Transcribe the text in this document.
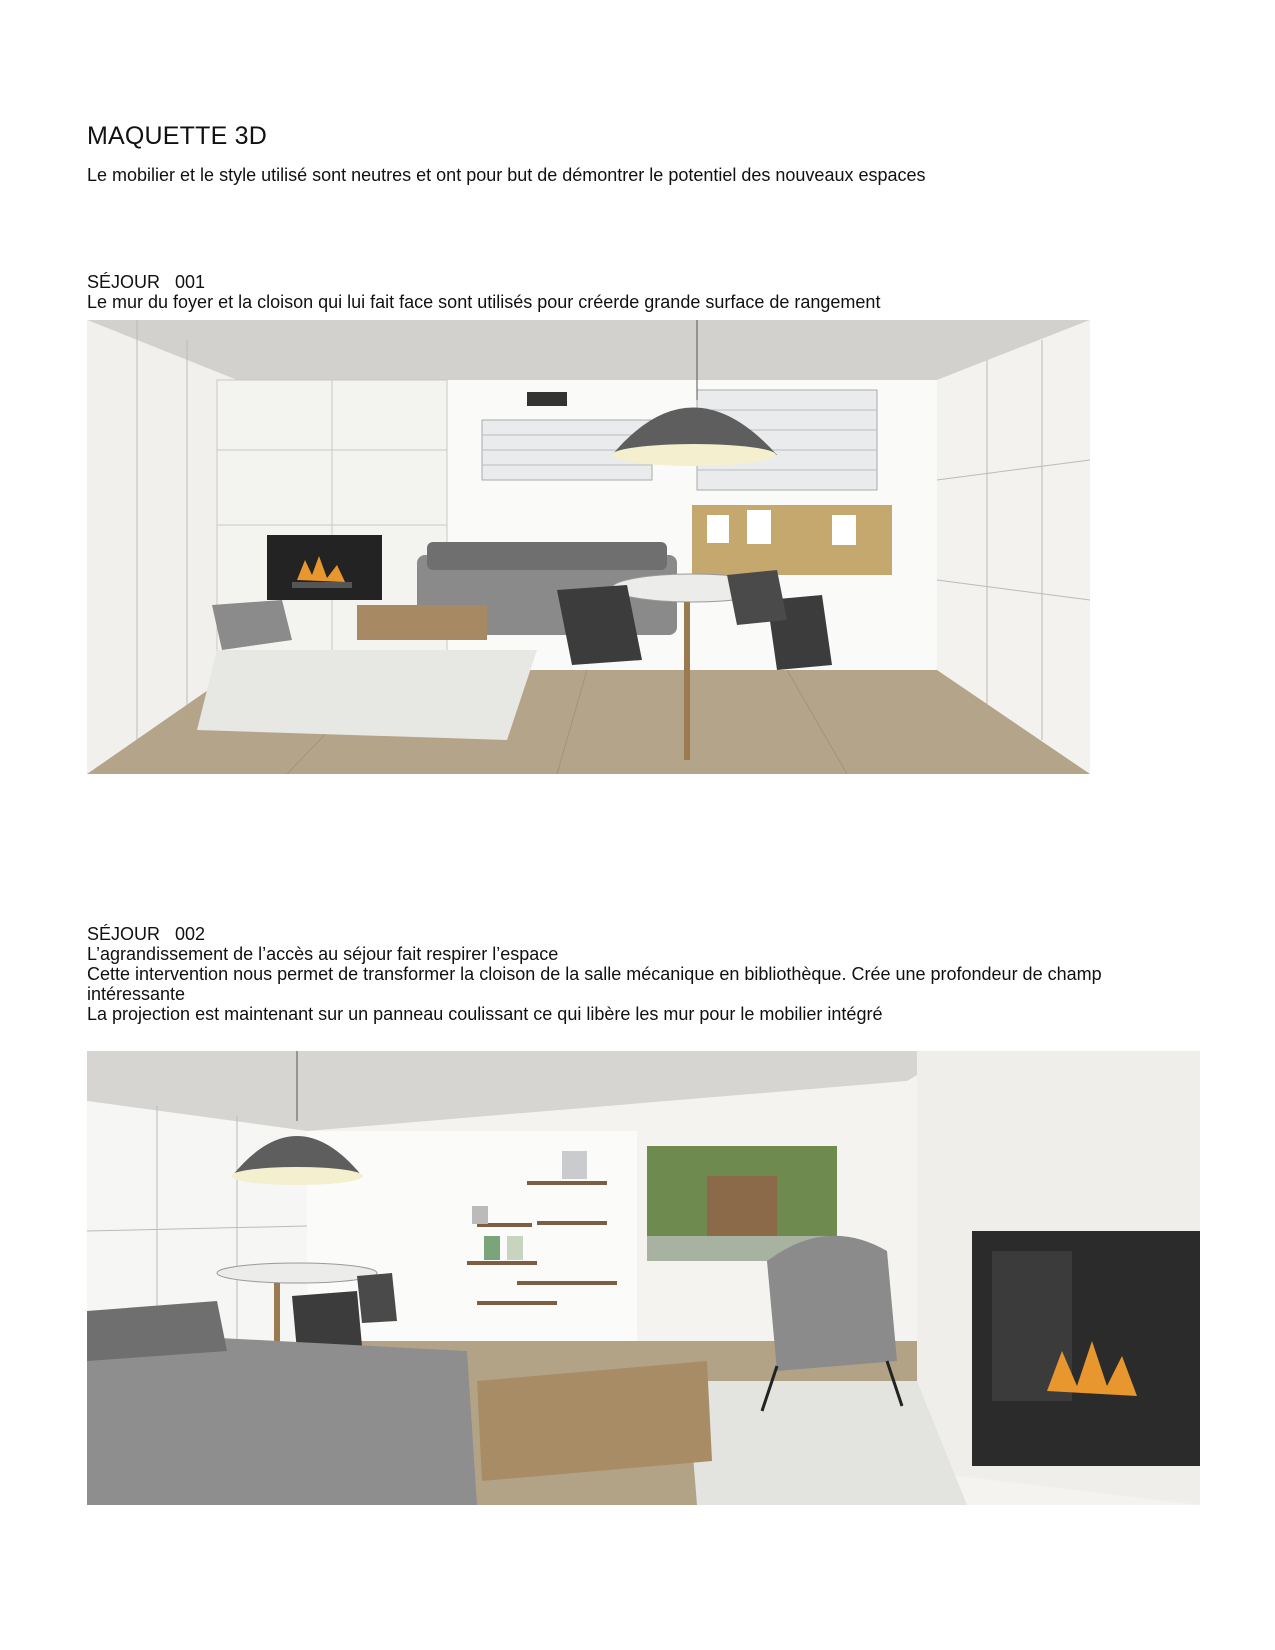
MAQUETTE 3D
Le mobilier et le style utilisé sont neutres et ont pour but de démontrer le potentiel des nouveaux espaces
SÉJOUR   001
Le mur du foyer et la cloison qui lui fait face sont utilisés pour créerde grande surface de rangement
SÉJOUR   002
L’agrandissement de l’accès au séjour fait respirer l’espace
Cette intervention nous permet de transformer la cloison de la salle mécanique en bibliothèque. Crée une profondeur de champ intéressante
La projection est maintenant sur un panneau coulissant ce qui libère les mur pour le mobilier intégré
